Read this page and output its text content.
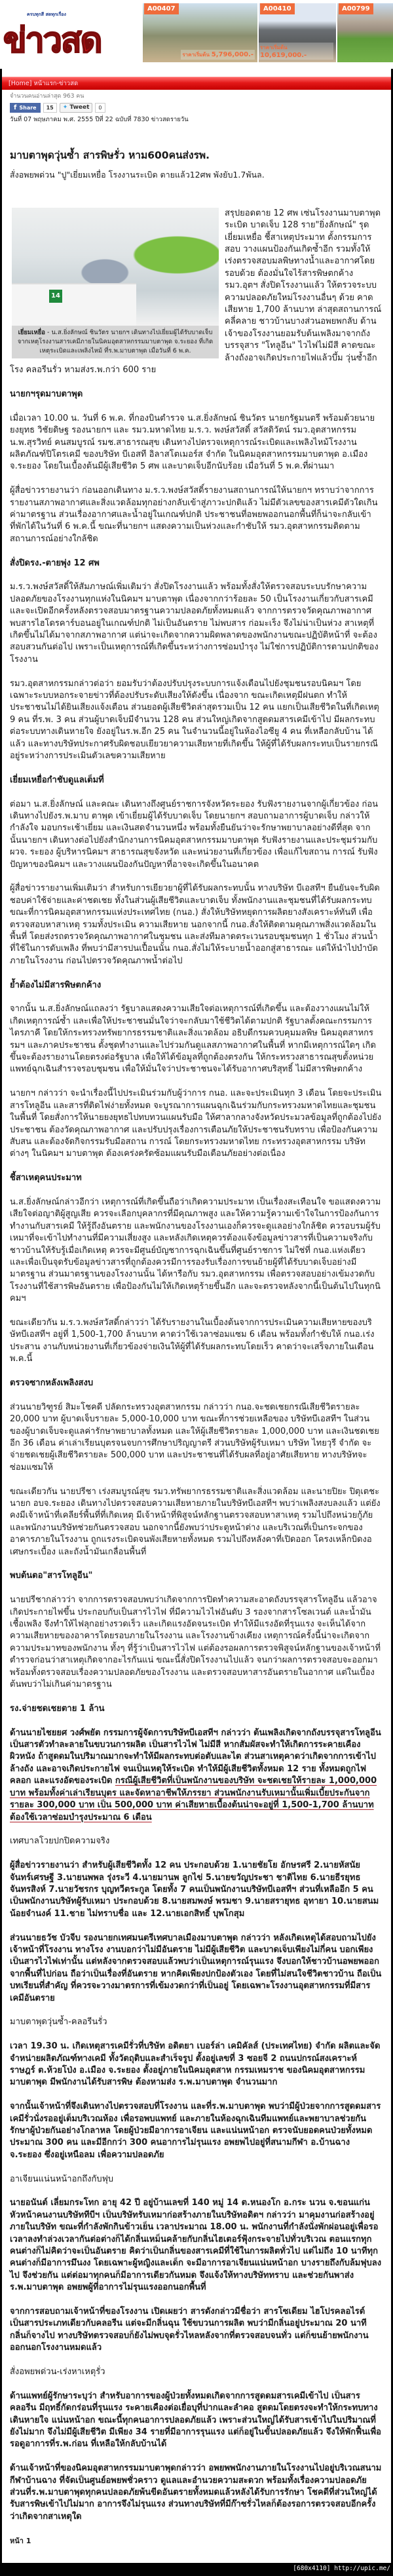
ครบทุกสี สดทุกเรื่อง
ข่าวสด
A00407
ราคาเริ่มต้น 5,796,000.-
A00410
ราคาเริ่มต้น 10,619,000.-
A00799
[Home] หน้าแรก-ข่าวสด
จำนวนคนอ่านล่าสุด 963 คน
f Share	15	✦ Tweet	0
วันที่ 07 พฤษภาคม พ.ศ. 2555 ปีที่ 22 ฉบับที่ 7830 ข่าวสดรายวัน
มาบตาพุดวุ่นซ้ำ สารพิษรั่ว หาม600คนส่งรพ.
สั่งอพยพด่วน "ปู"เยี่ยมเหยื่อ โรงงานระเบิด ตายแล้ว12ศพ พังยับ1.7พันล.
14
เยี่ยมเหยื่อ - น.ส.ยิ่งลักษณ์ ชินวัตร นายกฯ เดินทางไปเยี่ยมผู้ได้รับบาดเจ็บจากเหตุโรงงานสารเคมีภายในนิคมอุตสาหกรรมมาบตาพุด จ.ระยอง ที่เกิดเหตุระเบิดและเพลิงไหม้ ที่ร.พ.มาบตาพุด เมื่อวันที่ 6 พ.ค.

สรุปยอดตาย 12 ศพ เซ่นโรงงานมาบตาพุดระเบิด บาดเจ็บ 128 ราย"ยิ่งลักษณ์" รุดเยี่ยมเหยื่อ ชี้สาเหตุประมาท ตั้งกรรมการสอบ วางแผนป้องกันเกิดซ้ำอีก รวมทั้งให้เร่งตรวจสอบมลพิษทางน้ำและอากาศโดยรอบด้วย ต้องมั่นใจไร้สารพิษตกค้าง รมว.อุตฯ สั่งปิดโรงงานแล้ว ให้ตรวจระบบความปลอดภัยใหม่โรงงานอื่นๆ ด้วย คาดเสียหาย 1,700 ล้านบาท ล่าสุดสถานการณ์คลี่คลาย ชาวบ้านบางส่วนอพยพกลับ ด้านเจ้าของโรงงานยอมรับต้นเพลิงมาจากถังบรรจุสาร "โทลูอีน" ไวไฟไม่มีสี คาดขณะล้างถังอาจเกิดประกายไฟแล้วบึ้ม วุ่นซ้ำอีกโรง คลอรีนรั่ว หามส่งร.พ.กว่า 600 ราย

นายกฯรุดมาบตาพุด

เมื่อเวลา 10.00 น. วันที่ 6 พ.ค. ที่กองบินตำรวจ น.ส.ยิ่งลักษณ์ ชินวัตร นายกรัฐมนตรี พร้อมด้วยนายยงยุทธ วิชัยดิษฐ รองนายกฯ และ รมว.มหาดไทย ม.ร.ว. พงษ์สวัสดิ์ สวัสดิวัตน์ รมว.อุตสาหกรรม น.พ.สุรวิทย์ คนสมบูรณ์ รมช.สาธารณสุข เดินทางไปตรวจเหตุการณ์ระเบิดและเพลิงไหม้โรงงานผลิตภัณฑ์ปิโตรเคมี ของบริษัท บีเอสที อิลาสโตเมอร์ส จำกัด ในนิคมอุตสาหกรรมมาบตาพุด อ.เมือง จ.ระยอง โดยในเบื้องต้นมีผู้เสียชีวิต 5 ศพ และบาดเจ็บอีกนับร้อย เมื่อวันที่ 5 พ.ค.ที่ผ่านมา

ผู้สื่อข่าวรายงานว่า ก่อนออกเดินทาง ม.ร.ว.พงษ์สวัสดิ์รายงานสถานการณ์ให้นายกฯ ทราบว่าจากการรายงานสภาพอากาศและสิ่งแวดล้อมทุกอย่างกลับเข้าสู่ภาวะปกติแล้ว ไม่มีตัวเลขของสารเคมีตัวใดเกินค่ามาตรฐาน ส่วนเรื่องอากาศและน้ำอยู่ในเกณฑ์ปกติ ประชาชนที่อพยพออกนอกพื้นที่ก็น่าจะกลับเข้าที่พักได้ในวันที่ 6 พ.ค.นี้ ขณะที่นายกฯ แสดงความเป็นห่วงและกำชับให้ รมว.อุตสาหกรรมติดตามสถานการณ์อย่างใกล้ชิด

สั่งปิดรง.-ตายพุ่ง 12 ศพ

ม.ร.ว.พงษ์สวัสดิ์ให้สัมภาษณ์เพิ่มเติมว่า สั่งปิดโรงงานแล้ว พร้อมทั้งสั่งให้ตรวจสอบระบบรักษาความปลอดภัยของโรงงานทุกแห่งในนิคมฯ มาบตาพุด เนื่องจากกว่าร้อยละ 50 เป็นโรงงานเกี่ยวกับสารเคมี และจะเปิดอีกครั้งหลังตรวจสอบมาตรฐานความปลอดภัยทั้งหมดแล้ว จากการตรวจวัดคุณภาพอากาศพบสารไฮโดรคาร์บอนอยู่ในเกณฑ์ปกติ ไม่เป็นอันตราย ไม่พบสาร ก่อมะเร็ง จึงไม่น่าเป็นห่วง สาเหตุที่เกิดขึ้นไม่ได้มาจากสภาพอากาศ แต่น่าจะเกิดจากความผิดพลาดของพนักงานขณะปฏิบัติหน้าที่ จะต้องสอบสวนกันต่อไป เพราะเป็นเหตุการณ์ที่เกิดขึ้นระหว่างการซ่อมบำรุง ไม่ใช่การปฏิบัติการตามปกติของโรงงาน

รมว.อุตสาหกรรมกล่าวต่อว่า ยอมรับว่าต้องปรับปรุงระบบการแจ้งเตือนไปยังชุมชนรอบนิคมฯ โดยเฉพาะระบบหอกระจายข่าวที่ต้องปรับระดับเสียงให้ดังขึ้น เนื่องจาก ขณะเกิดเหตุมีฝนตก ทำให้ประชาชนไม่ได้ยินเสียงแจ้งเตือน ส่วนยอดผู้เสียชีวิตล่าสุดรวมเป็น 12 คน แยกเป็นเสียชีวิตในที่เกิดเหตุ 9 คน ที่ร.พ. 3 คน ส่วนผู้บาดเจ็บมีจำนวน 128 คน ส่วนใหญ่เกิดจากสูดดมสารเคมีเข้าไป มีผลกระทบต่อระบบทางเดินหายใจ ยังอยู่ในร.พ.อีก 25 คน ในจำนวนนี้อยู่ในห้องไอซียู 4 คน ที่เหลือกลับบ้าน ได้แล้ว และทางบริษัทประกาศรับผิดชอบเยียวยาความเสียหายที่เกิดขึ้น ให้ผู้ที่ได้รับผลกระทบเป็นรายกรณี อยู่ระหว่างการประเมินตัวเลขความเสียหาย

เยี่ยมเหยื่อกำชับดูแลเต็มที่

ต่อมา น.ส.ยิ่งลักษณ์ และคณะ เดินทางถึงศูนย์ราชการจังหวัดระยอง รับฟังรายงานจากผู้เกี่ยวข้อง ก่อนเดินทางไปยังร.พ.มาบ ตาพุด เข้าเยี่ยมผู้ได้รับบาดเจ็บ โดยนายกฯ สอบถามอาการผู้บาดเจ็บ กล่าวให้กำลังใจ มอบกระเช้าเยี่ยม และเงินสดจำนวนหนึ่ง พร้อมทั้งยืนยันว่าจะรักษาพยาบาลอย่างดีที่สุด จากนั้นนายกฯ เดินทางต่อไปยังสำนักงานการนิคมอุตสาหกรรมมาบตาพุด รับฟังรายงานและประชุมร่วมกับ ผวจ. ระยอง ผู้บริหารนิคมฯ สาธารณสุขจังหวัด และหน่วยงานที่เกี่ยวข้อง เพื่อแก้ไขสถาน การณ์ รับฟังปัญหาของนิคมฯ และวางแผนป้องกันปัญหาที่อาจจะเกิดขึ้นในอนาคต

ผู้สื่อข่าวรายงานเพิ่มเติมว่า สำหรับการเยียวยาผู้ที่ได้รับผลกระทบนั้น ทางบริษัท บีเอสทีฯ ยืนยันจะรับผิดชอบค่าใช้จ่ายและค่าชดเชย ทั้งในส่วนผู้เสียชีวิตและบาดเจ็บ ทั้งพนักงานและชุมชนที่ได้รับผลกระทบ ขณะที่การนิคมอุตสาหกรรมแห่งประเทศไทย (กนอ.) สั่งให้บริษัทหยุดการผลิตยางสังเคราะห์ทันที เพื่อตรวจสอบหาสาเหตุ รวมทั้งประเมิน ความเสียหาย นอกจากนี้ กนอ.สั่งให้ติดตามคุณภาพสิ่งแวดล้อมในพื้นที่ โดยส่งรถตรวจวัดคุณภาพอากาศในชุมชน และส่งทีมลาดตระเวนรอบชุมชนทุก 1 ชั่วโมง ส่วนน้ำที่ใช้ในการดับเพลิง ที่พบว่ามีสารปนเปื้อนนั้น กนอ.สั่งไม่ให้ระบายน้ำออกสู่สาธารณะ แต่ให้นำไปบำบัดภายในโรงงาน ก่อนไปตรวจวัดคุณภาพน้ำต่อไป

ย้ำต้องไม่มีสารพิษตกค้าง

จากนั้น น.ส.ยิ่งลักษณ์แถลงว่า รัฐบาลแสดงความเสียใจต่อเหตุการณ์ที่เกิดขึ้น และต้องวางแผนไม่ให้เกิดเหตุการณ์ซ้ำ และเพื่อให้ประชาชนมั่นใจว่าจะกลับมาใช้ชีวิตได้ตามปกติ รัฐบาลตั้งคณะกรรมการไตรภาคี โดยให้กระทรวงทรัพยากรธรรมชาติและสิ่งแวดล้อม อธิบดีกรมควบคุมมลพิษ นิคมอุตสาหกรรมฯ และภาคประชาชน ตั้งชุดทำงานและไปร่วมกันดูแลสภาพอากาศในพื้นที่ หากมีเหตุการณ์ใดๆ เกิดขึ้นจะต้องรายงานโดยตรงต่อรัฐบาล เพื่อให้ได้ข้อมูลที่ถูกต้องตรงกัน ให้กระทรวงสาธารณสุขตั้งหน่วยแพทย์ฉุกเฉินสำรวจรอบชุมชน เพื่อให้มั่นใจว่าประชาชนจะได้รับอากาศบริสุทธิ์ ไม่มีสารพิษตกค้าง

นายกฯ กล่าวว่า จะนำเรื่องนี้ไปประเมินร่วมกับผู้ว่าการ กนอ. และจะประเมินทุก 3 เดือน โดยจะประเมินสารโทลูอีน และสารที่ติดไฟง่ายทั้งหมด จะบูรณาการแผนฉุกเฉินร่วมกับกระทรวงมหาดไทยและชุมชนในพื้นที่ โดยสั่งการให้นายยงยุทธไปทบทวนแผนรับมือ ให้ศาลากลางจังหวัดประมวลข้อมูลที่ถูกต้องไปยังประชาชน ต้องวัดคุณภาพอากาศ และปรับปรุงเรื่องการเตือนภัยให้ประชาชนรับทราบ เพื่อป้องกันความสับสน และต้องจัดกิจกรรมรับมือสถาน การณ์ โดยกระทรวงมหาดไทย กระทรวงอุตสาหกรรม บริษัทต่างๆ ในนิคมฯ มาบตาพุด ต้องเคร่งครัดซ้อมแผนรับมือเตือนภัยอย่างต่อเนื่อง

ชี้สาเหตุคนประมาท

น.ส.ยิ่งลักษณ์กล่าวอีกว่า เหตุการณ์ที่เกิดขึ้นถือว่าเกิดความประมาท เป็นเรื่องสะเทือนใจ ขอแสดงความเสียใจต่อญาติผู้สูญเสีย ควรจะเลือกบุคลากรที่มีคุณภาพสูง และให้ความรู้ความเข้าใจในการป้องกันการทำงานกับสารเคมี ให้รู้ถึงอันตราย และพนักงานของโรงงานเองก็ควรจะดูแลอย่างใกล้ชิด ควรอบรมผู้รับเหมาที่จะเข้าไปทำงานที่มีความเสี่ยงสูง และหลังเกิดเหตุควรต้องแจ้งข้อมูลข่าวสารที่เป็นความจริงกับชาวบ้านให้รับรู้เมื่อเกิดเหตุ ควรจะมีศูนย์บัญชาการฉุกเฉินขึ้นที่ศูนย์ราชการ ไม่ใช่ที่ กนอ.แห่งเดียว และเพื่อเป็นจุดรับข้อมูลข่าวสารที่ถูกต้องควรมีการรองรับเรื่องการขนย้ายผู้ที่ได้รับบาดเจ็บอย่างมีมาตรฐาน ส่วนมาตรฐานของโรงงานนั้น ได้หารือกับ รมว.อุตสาหกรรม เพื่อตรวจสอบอย่างเข้มงวดกับโรงงานที่ใช้สารพิษอันตราย เพื่อป้องกันไม่ให้เกิดเหตุร้ายขึ้นอีก และจะตรวจหลังจากนี้เป็นต้นไปในทุกนิคมฯ

ขณะเดียวกัน ม.ร.ว.พงษ์สวัสดิ์กล่าวว่า ได้รับรายงานในเบื้องต้นจากการประเมินความเสียหายของบริษัทบีเอสทีฯ อยู่ที่ 1,500-1,700 ล้านบาท คาดว่าใช้เวลาซ่อมแซม 6 เดือน พร้อมทั้งกำชับให้ กนอ.เร่งประสาน งานกับหน่วยงานที่เกี่ยวข้องจ่ายเงินให้ผู้ที่ได้รับผลกระทบโดยเร็ว คาดว่าจะเสร็จภายในเดือนพ.ค.นี้

ตรวจซากหลังเพลิงสงบ

ส่วนนายวิฑูรย์ สิมะโชคดี ปลัดกระทรวงอุตสาหกรรม กล่าวว่า กนอ.จะชดเชยกรณีเสียชีวิตรายละ 20,000 บาท ผู้บาดเจ็บรายละ 5,000-10,000 บาท ขณะที่การช่วยเหลือของ บริษัทบีเอสทีฯ ในส่วนของผู้บาดเจ็บจะดูแลค่ารักษาพยาบาลทั้งหมด และให้ผู้เสียชีวิตรายละ 1,000,000 บาท และเงินชดเชยอีก 36 เดือน ค่าเล่าเรียนบุตรจนจบการศึกษาปริญญาตรี ส่วนบริษัทผู้รับเหมา บริษัท ไทยวุรี จำกัด จะจ่ายชดเชยผู้เสียชีวิตรายละ 500,000 บาท และประชาชนที่ได้รับผลที่อยู่อาศัยเสียหาย ทางบริษัทจะซ่อมแซมให้

ขณะเดียวกัน นายปรีชา เร่งสมบูรณ์สุข รมว.ทรัพยากรธรรมชาติและสิ่งแวดล้อม และนายปิยะ ปิตุเตชะ นายก อบจ.ระยอง เดินทางไปตรวจสอบความเสียหายภายในบริษัทบีเอสทีฯ พบว่าเพลิงสงบลงแล้ว แต่ยังคงมีเจ้าหน้าที่เคลียร์พื้นที่ที่เกิดเหตุ มีเจ้าหน้าที่พิสูจน์หลักฐานตรวจสอบหาสาเหตุ รวมไปถึงหน่วยกู้ภัย และพนักงานบริษัทช่วยกันตรวจสอบ นอกจากนี้ยังพบว่าประตูหน้าต่าง และบริเวณที่เป็นกระจกของอาคารภายในโรงงาน ถูกแรงระเบิดจนพังเสียหายทั้งหมด รวมไปถึงหลังคาที่เปิดออก โครงเหล็กบิดงอ เศษกระเบื้อง และถังน้ำมันเกลื่อนพื้นที่

พบต้นตอ"สารโทลูอีน"

นายปรีชากล่าวว่า จากการตรวจสอบพบว่าเกิดจากการปิดทำความสะอาดถังบรรจุสารโทลูอีน แล้วอาจเกิดประกายไฟขึ้น ประกอบกับเป็นสารไวไฟ ที่มีความไวไฟอันดับ 3 รองจากสารโซลเวนต์ และน้ำมันเชื้อเพลิง จึงทำให้ไฟลุกอย่างรวดเร็ว และเกิดแรงอัดจนระเบิด ทำให้มีแรงอัดที่รุนแรง จะเห็นได้จากความเสียหายของอาคารโดยรอบภายในโรงงาน และโรงงานข้างเคียง เหตุการณ์ครั้งนี้น่าจะเกิดจากความประมาทของพนักงาน ทั้งๆ ที่รู้ว่าเป็นสารไวไฟ แต่ต้องรอผลการตรวจพิสูจน์หลักฐานของเจ้าหน้าที่ตำรวจก่อนว่าสาเหตุเกิดจากอะไรกันแน่ ขณะนี้สั่งปิดโรงงานไปแล้ว จนกว่าผลการตรวจสอบจะออกมา พร้อมทั้งตรวจสอบเรื่องความปลอดภัยของโรงงาน และตรวจสอบหาสารอันตรายในอากาศ แต่ในเบื้องต้นพบว่าไม่เกินค่ามาตรฐาน

รง.จ่ายชดเชยตาย 1 ล้าน

ด้านนายไชยยศ วงศ์พยัต กรรมการผู้จัดการบริษัทบีเอสทีฯ กล่าวว่า ต้นเพลิงเกิดจากถังบรรจุสารโทลูอีน เป็นสารตัวทำละลายในขบวนการผลิต เป็นสารไวไฟ ไม่มีสี หากสัมผัสจะทำให้เกิดการระคายเคืองผิวหนัง ถ้าสูดดมในปริมาณมากจะทำให้มีผลกระทบต่อตับและไต ส่วนสาเหตุคาดว่าเกิดจากการเข้าไปล้างถัง และอาจเกิดประกายไฟ จนเป็นเหตุให้ระเบิด ทำให้มีผู้เสียชีวิตทั้งหมด 12 ราย ทั้งหมดถูกไฟคลอก และแรงอัดของระเบิด กรณีผู้เสียชีวิตที่เป็นพนักงานของบริษัท จะชดเชยให้รายละ 1,000,000 บาท พร้อมทั้งค่าเล่าเรียนบุตร และจัดหาอาชีพให้ภรรยา ส่วนพนักงานรับเหมานั้นเพิ่มเบี้ยประกันจากรายละ 300,000 บาท เป็น 500,000 บาท ค่าเสียหายเบื้องต้นน่าจะอยู่ที่ 1,500-1,700 ล้านบาท ต้องใช้เวลาซ่อมบำรุงประมาณ 6 เดือน

เทศบาลโวยปกปิดความจริง

ผู้สื่อข่าวรายงานว่า สำหรับผู้เสียชีวิตทั้ง 12 คน ประกอบด้วย 1.นายชัยโย อักษรศรี 2.นายหัสนัย จันทร์เศรษฐี 3.นายนพพล รุ่งระวี 4.นายมานพ ลูกไข่ 5.นายขวัญประชา ชาติไทย 6.นายธีรยุทธ จันทรสิงห์ 7.นายวัชรกร บุญทวีตระกูล โดยทั้ง 7 คนเป็นพนักงานบริษัทบีเอสทีฯ ส่วนที่เหลืออีก 5 คนเป็นพนักงานบริษัทผู้รับเหมา ประกอบด้วย 8.นายสมพงษ์ พรมชา 9.นายสรายุทธ อุทายา 10.นายสนม น้อยจำนงค์ 11.ชาย ไม่ทราบชื่อ และ 12.นายเอกสิทธิ์ บุพโกสุม

ส่วนนายธวัช บัวจีบ รองนายกเทศมนตรีเทศบาลเมืองมาบตาพุด กล่าวว่า หลังเกิดเหตุได้สอบถามไปยังเจ้าหน้าที่โรงงาน ทางโรง งานบอกว่าไม่มีอันตราย ไม่มีผู้เสียชีวิต และบาดเจ็บเพียงไม่กี่คน บอกเพียงเป็นสารไวไฟเท่านั้น แต่หลังจากตรวจสอบแล้วพบว่าเป็นเหตุการณ์รุนแรง จึงบอกให้ชาวบ้านอพยพออกจากพื้นที่ไปก่อน ถือว่าเป็นเรื่องที่อันตราย หากคิดเพียงปกป้องตัวเอง โดยที่ไม่สนใจชีวิตชาวบ้าน ถือเป็นบทเรียนที่สำคัญ ที่ควรจะวางมาตรการที่เข้มงวดกว่าที่เป็นอยู่ โดยเฉพาะโรงงานอุตสาหกรรมที่มีสารเคมีอันตราย

มาบตาพุดวุ่นซ้ำ-คลอรีนรั่ว

เวลา 19.30 น. เกิดเหตุสารเคมีรั่วที่บริษัท อดิตยา เบอร์ล่า เคมิคัลส์ (ประเทศไทย) จำกัด ผลิตและจัดจำหน่ายผลิตภัณฑ์ทางเคมี ทั้งวัตถุดิบและสำเร็จรูป ตั้งอยู่เลขที่ 3 ซอยจี 2 ถนนปกรณ์สงเคราะห์ราษฎร์ ต.ห้วยโป่ง อ.เมือง จ.ระยอง ตั้งอยู่ภายในนิคมอุตสาห กรรมเหมราช ของนิคมอุตสาหกรรมมาบตาพุด มีพนักงานได้รับสารพิษ ต้องหามส่ง ร.พ.มาบตาพุด จำนวนมาก

จากนั้นเจ้าหน้าที่จึงเดินทางไปตรวจสอบที่โรงงาน และที่ร.พ.มาบตาพุด พบว่ามีผู้ป่วยจากการสูดดมสารเคมีรั่วนั่งรออยู่เต็มบริเวณห้อง เพื่อรอพบแพทย์ และภายในห้องฉุกเฉินทีมแพทย์และพยาบาลช่วยกันรักษาผู้ป่วยกันอย่างโกลาหล โดยผู้ป่วยมีอาการอาเจียน และแน่นหน้าอก ตรวจนับยอดคนป่วยทั้งหมดประมาณ 300 คน และมีอีกกว่า 300 คนอาการไม่รุนแรง อพยพไปอยู่ที่สนามกีฬา อ.บ้านฉาง จ.ระยอง ซึ่งอยู่เหนือลม เพื่อความปลอดภัย

อาเจียนแน่นหน้าอกถึงกับฟุบ

นายอนันต์ เลี่ยมกระโทก อายุ 42 ปี อยู่บ้านเลขที่ 140 หมู่ 14 ต.หนองโก อ.กระ นวน จ.ขอนแก่น หัวหน้าคนงานบริษัททีบีฯ เป็นบริษัทรับเหมาก่อสร้างภายในบริษัทอดิตฯ กล่าวว่า มาคุมงานก่อสร้างอยู่ภายในบริษัท ขณะที่กำลังพักกินข้าวเย็น เวลาประมาณ 18.00 น. พนักงานที่กำลังนั่งพักผ่อนอยู่เพื่อรอเวลาลงทำล่วงเวลากันต่อต่างก็ได้กลิ่นเหม็นคล้ายกับกลิ่นไฮเตอร์ฟุ้งกระจายไปทั่วบริเวณ ตอนแรกทุกคนต่างก็ไม่คิดว่าจะเป็นอันตราย คิดว่าเป็นกลิ่นของสารเคมีที่ใช้ในการผลิตทั่วไป แต่ไม่ถึง 10 นาทีทุกคนต่างก็มีอาการมึนงง โดยเฉพาะผู้หญิงและเด็ก จะมีอาการอาเจียนแน่นหน้าอก บางรายถึงกับล้มฟุบลงไป จึงช่วยกัน แต่ต่อมาทุกคนก็มีอาการเดียวกันหมด จึงแจ้งให้ทางบริษัททราบ และช่วยกันพาส่งร.พ.มาบตาพุด อพยพผู้ที่อาการไม่รุนแรงออกนอกพื้นที่

จากการสอบถามเจ้าหน้าที่ของโรงงาน เปิดเผยว่า สารดังกล่าวมีชื่อว่า สารโซเดียม ไฮโปรคลอไรต์ เป็นสารประเภทเดียวกับคลอรีน แต่จะมีกลิ่นฉุน ใช้ขบวนการผลิต พบว่ามีกลิ่นอยู่ประมาณ 20 นาทีกลิ่นก็จางไป ทางบริษัทตรวจสอบก็ยังไม่พบจุดรั่วไหลหลังจากที่ตรวจสอบจนทั่ว แต่ก็ขนย้ายพนักงานออกนอกโรงงานหมดแล้ว

สั่งอพยพด่วน-เร่งหาเหตุรั่ว

ด้านแพทย์ผู้รักษาระบุว่า สำหรับอาการของผู้ป่วยทั้งหมดเกิดจากการสูดดมสารเคมีเข้าไป เป็นสารคลอรีน มีฤทธิ์กัดกร่อนที่รุนแรง ระคายเคืองต่อเยื่อบุที่ปากและลำคอ สูดดมโดยตรงจะทำให้กระทบทางเดินหายใจ แน่นหน้าอก ขณะนี้ทุกคนอาการปลอดภัยแล้ว เพราะส่วนใหญ่ได้รับสารเข้าไปในปริมาณที่ยังไม่มาก จึงไม่มีผู้เสียชีวิต มีเพียง 34 รายที่มีอาการรุนแรง แต่ก็อยู่ในขั้นปลอดภัยแล้ว จึงให้พักฟื้นเพื่อรอดูอาการที่ร.พ.ก่อน ที่เหลือให้กลับบ้านได้

ด้านเจ้าหน้าที่ของนิคมอุตสาหกรรมมาบตาพุดกล่าวว่า อพยพพนักงานภายในโรงงานไปอยู่บริเวณสนามกีฬาบ้านฉาง ที่จัดเป็นศูนย์อพยพชั่วคราว ดูแลและอำนวยความสะดวก พร้อมทั้งเรื่องความปลอดภัย ส่วนที่ร.พ.มาบตาพุดทุกคนปลอดภัยพ้นขีดอันตรายทั้งหมดแล้วหลังได้รับการรักษา โชคดีที่ส่วนใหญ่ได้รับสารพิษเข้าไปไม่มาก อาการจึงไม่รุนแรง ส่วนทางบริษัทที่มีก๊าซรั่วไหลก็ต้องรอการตรวจสอบอีกครั้งว่าเกิดจากสาเหตุใด

หน้า 1
[680x4110] http://upic.me/
